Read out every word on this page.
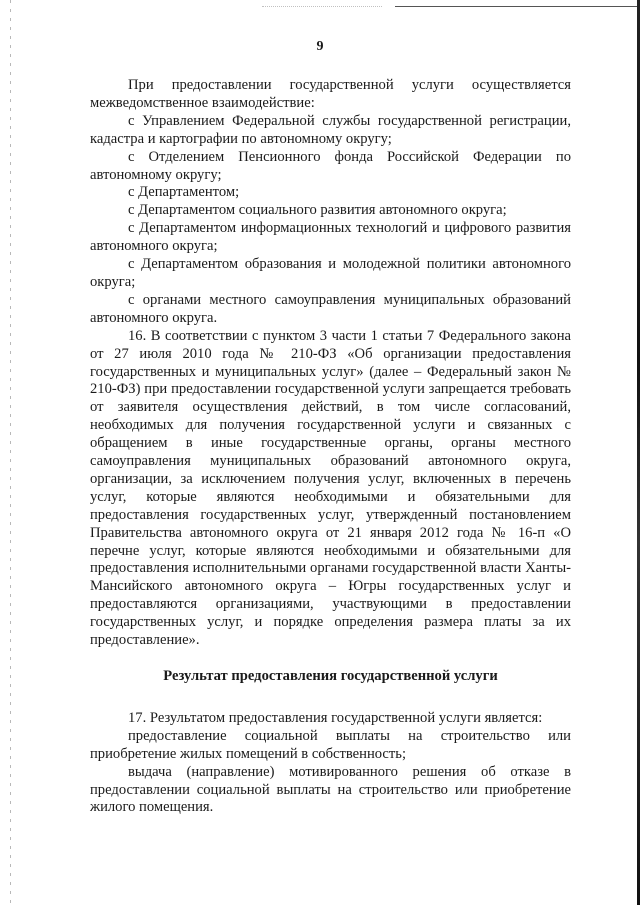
9

При предоставлении государственной услуги осуществляется межведомственное взаимодействие:

с Управлением Федеральной службы государственной регистрации, кадастра и картографии по автономному округу;

с Отделением Пенсионного фонда Российской Федерации по автономному округу;

с Департаментом;

с Департаментом социального развития автономного округа;

с Департаментом информационных технологий и цифрового развития автономного округа;

с Департаментом образования и молодежной политики автономного округа;

с органами местного самоуправления муниципальных образований автономного округа.

16. В соответствии с пунктом 3 части 1 статьи 7 Федерального закона от 27 июля 2010 года № 210-ФЗ «Об организации предоставления государственных и муниципальных услуг» (далее – Федеральный закон № 210-ФЗ) при предоставлении государственной услуги запрещается требовать от заявителя осуществления действий, в том числе согласований, необходимых для получения государственной услуги и связанных с обращением в иные государственные органы, органы местного самоуправления муниципальных образований автономного округа, организации, за исключением получения услуг, включенных в перечень услуг, которые являются необходимыми и обязательными для предоставления государственных услуг, утвержденный постановлением Правительства автономного округа от 21 января 2012 года № 16-п «О перечне услуг, которые являются необходимыми и обязательными для предоставления исполнительными органами государственной власти Ханты-Мансийского автономного округа – Югры государственных услуг и предоставляются организациями, участвующими в предоставлении государственных услуг, и порядке определения размера платы за их предоставление».

Результат предоставления государственной услуги

17. Результатом предоставления государственной услуги является:

предоставление социальной выплаты на строительство или приобретение жилых помещений в собственность;

выдача (направление) мотивированного решения об отказе в предоставлении социальной выплаты на строительство или приобретение жилого помещения.
